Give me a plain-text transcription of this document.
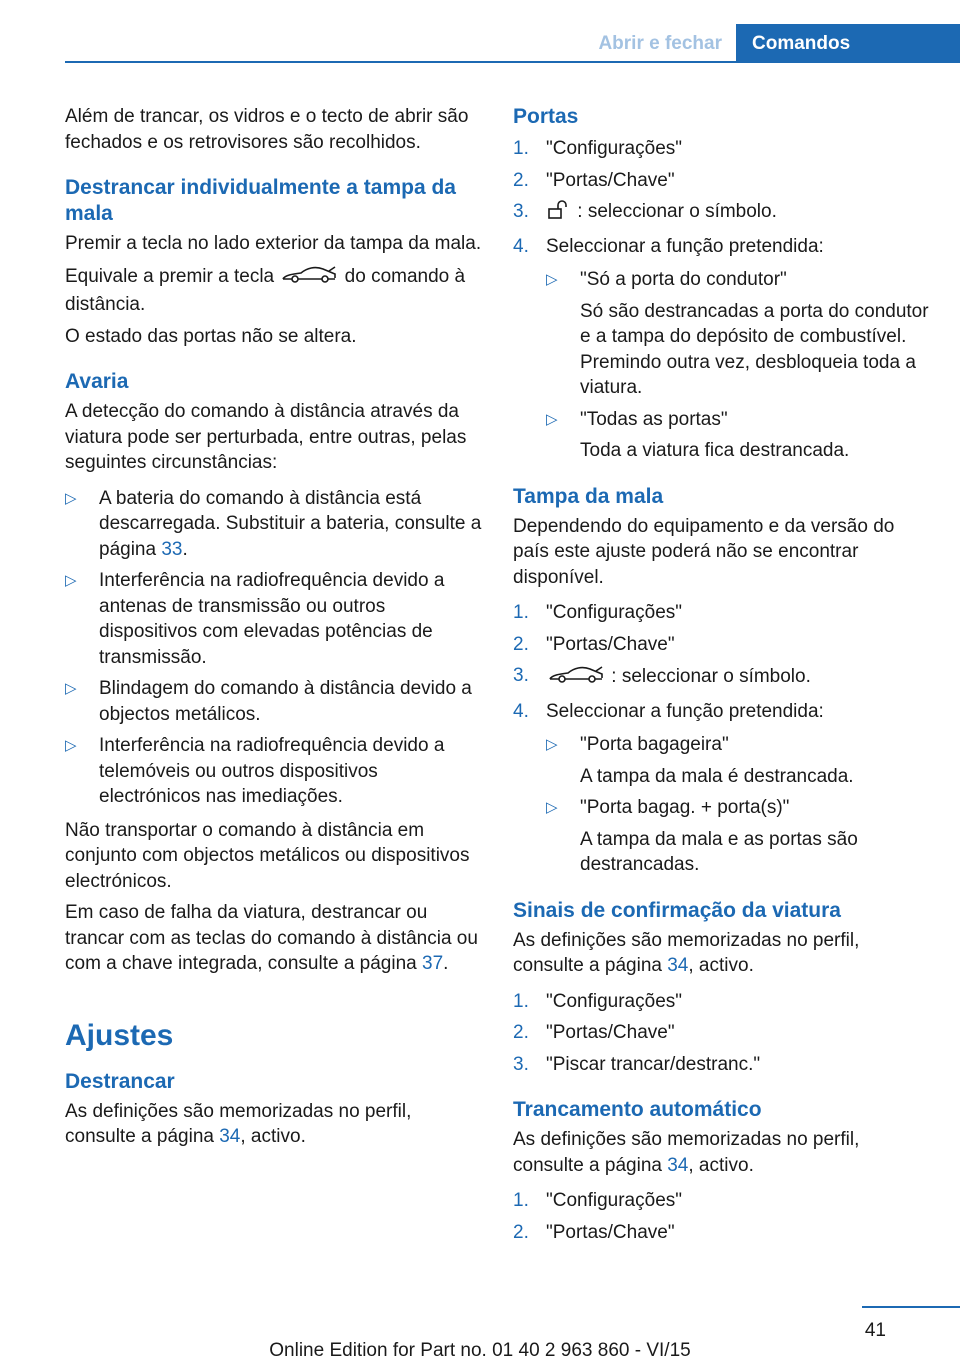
Abrir e fechar	Comandos

Além de trancar, os vidros e o tecto de abrir são fechados e os retrovisores são recolhidos.

Destrancar individualmente a tampa da mala

Premir a tecla no lado exterior da tampa da mala.

Equivale a premir a tecla	do comando à distância.

O estado das portas não se altera.

Avaria

A detecção do comando à distância através da viatura pode ser perturbada, entre outras, pelas seguintes circunstâncias:

▷ A bateria do comando à distância está descarregada. Substituir a bateria, consulte a página 33.
▷ Interferência na radiofrequência devido a antenas de transmissão ou outros dispositivos com elevadas potências de transmissão.
▷ Blindagem do comando à distância devido a objectos metálicos.
▷ Interferência na radiofrequência devido a telemóveis ou outros dispositivos electrónicos nas imediações.

Não transportar o comando à distância em conjunto com objectos metálicos ou dispositivos electrónicos.

Em caso de falha da viatura, destrancar ou trancar com as teclas do comando à distância ou com a chave integrada, consulte a página 37.

Ajustes
Destrancar

As definições são memorizadas no perfil, consulte a página 34, activo.

Portas
1. "Configurações"
2. "Portas/Chave"
3.	: seleccionar o símbolo.
4. Seleccionar a função pretendida:
▷ "Só a porta do condutor"
Só são destrancadas a porta do condutor e a tampa do depósito de combustível. Premindo outra vez, desbloqueia toda a viatura.
▷ "Todas as portas"
Toda a viatura fica destrancada.
Tampa da mala

Dependendo do equipamento e da versão do país este ajuste poderá não se encontrar disponível.

1. "Configurações"
2. "Portas/Chave"
3.	: seleccionar o símbolo.
4. Seleccionar a função pretendida:
▷ "Porta bagageira"
A tampa da mala é destrancada.
▷ "Porta bagag. + porta(s)"
A tampa da mala e as portas são destrancadas.
Sinais de confirmação da viatura

As definições são memorizadas no perfil, consulte a página 34, activo.

1. "Configurações"
2. "Portas/Chave"
3. "Piscar trancar/destranc."
Trancamento automático

As definições são memorizadas no perfil, consulte a página 34, activo.

1. "Configurações"
2. "Portas/Chave"
41
Online Edition for Part no. 01 40 2 963 860 - VI/15
